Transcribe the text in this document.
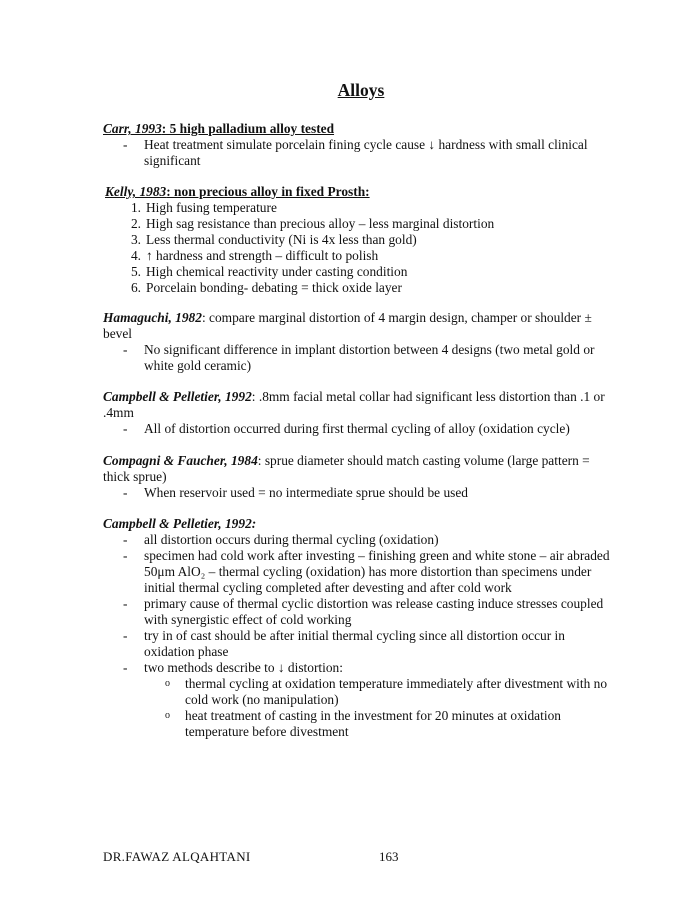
Alloys

Carr, 1993: 5 high palladium alloy tested

- Heat treatment simulate porcelain fining cycle cause ↓ hardness with small clinical significant

Kelly, 1983: non precious alloy in fixed Prosth:

1. High fusing temperature
2. High sag resistance than precious alloy – less marginal distortion
3. Less thermal conductivity (Ni is 4x less than gold)
4. ↑ hardness and strength – difficult to polish
5. High chemical reactivity under casting condition
6. Porcelain bonding- debating = thick oxide layer

Hamaguchi, 1982: compare marginal distortion of 4 margin design, champer or shoulder ± bevel

- No significant difference in implant distortion between 4 designs (two metal gold or white gold ceramic)

Campbell & Pelletier, 1992: .8mm facial metal collar had significant less distortion than .1 or .4mm

- All of distortion occurred during first thermal cycling of alloy (oxidation cycle)

Compagni & Faucher, 1984: sprue diameter should match casting volume (large pattern = thick sprue)

- When reservoir used = no intermediate sprue should be used

Campbell & Pelletier, 1992:

- all distortion occurs during thermal cycling (oxidation)
- specimen had cold work after investing – finishing green and white stone – air abraded 50μm AlO₂ – thermal cycling (oxidation) has more distortion than specimens under initial thermal cycling completed after devesting and after cold work
- primary cause of thermal cyclic distortion was release casting induce stresses coupled with synergistic effect of cold working
- try in of cast should be after initial thermal cycling since all distortion occur in oxidation phase
- two methods describe to ↓ distortion:
o thermal cycling at oxidation temperature immediately after divestment with no cold work (no manipulation)
o heat treatment of casting in the investment for 20 minutes at oxidation temperature before divestment
DR.FAWAZ ALQAHTANI	163
